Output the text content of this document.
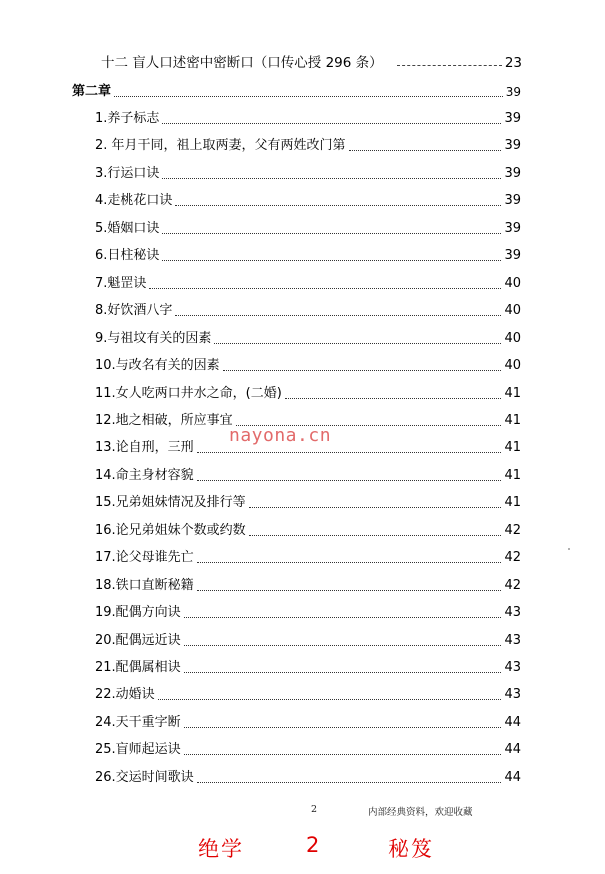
十二 盲人口述密中密断口（口传心授 296 条）	23
第二章	39
1.养子标志	39
2. 年月干同，祖上取两妻，父有两姓改门第	39
3.行运口诀	39
4.走桃花口诀	39
5.婚姻口诀	39
6.日柱秘诀	39
7.魁罡诀	40
8.好饮酒八字	40
9.与祖坟有关的因素	40
10.与改名有关的因素	40
11.女人吃两口井水之命，(二婚)	41
12.地之相破，所应事宜	41
13.论自刑，三刑	41
14.命主身材容貌	41
15.兄弟姐妹情况及排行等	41
16.论兄弟姐妹个数或约数	42
17.论父母谁先亡	42
18.铁口直断秘籍	42
19.配偶方向诀	43
20.配偶远近诀	43
21.配偶属相诀	43
22.动婚诀	43
24.天干重字断	44
25.盲师起运诀	44
26.交运时间歌诀	44
nayona.cn
2	内部经典资料，欢迎收藏
绝学	2	秘笈
